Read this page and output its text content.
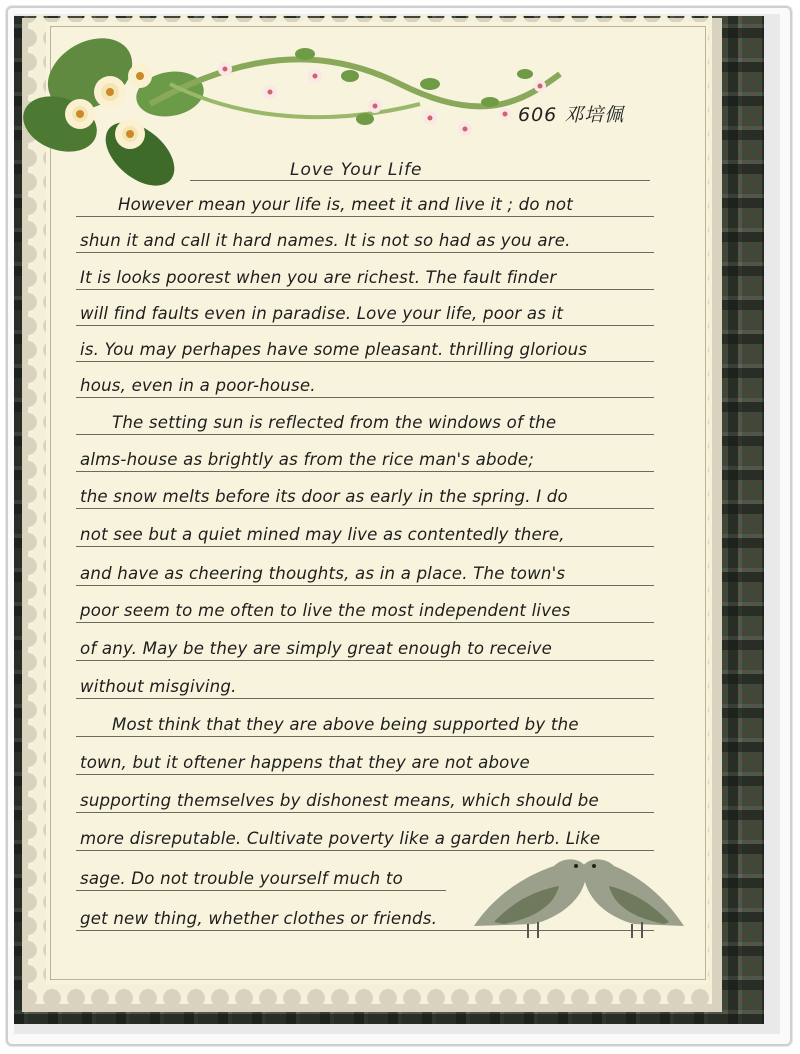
606 邓培佩
Love Your Life
However mean your life is, meet it and live it ; do not
shun it and call it hard names. It is not so had as you are.
It is looks poorest when you are richest. The fault finder
will find faults even in paradise. Love your life, poor as it
is. You may perhapes have some pleasant. thrilling glorious
hous, even in a poor-house.
The setting sun is reflected from the windows of the
alms-house as brightly as from the rice man's abode;
the snow melts before its door as early in the spring. I do
not see but a quiet mined may live as contentedly there,
and have as cheering thoughts, as in a place. The town's
poor seem to me often to live the most independent lives
of any. May be they are simply great enough to receive
without misgiving.
Most think that they are above being supported by the
town, but it oftener happens that they are not above
supporting themselves by dishonest means, which should be
more disreputable. Cultivate poverty like a garden herb. Like
sage. Do not trouble yourself much to
get new thing, whether clothes or friends.
